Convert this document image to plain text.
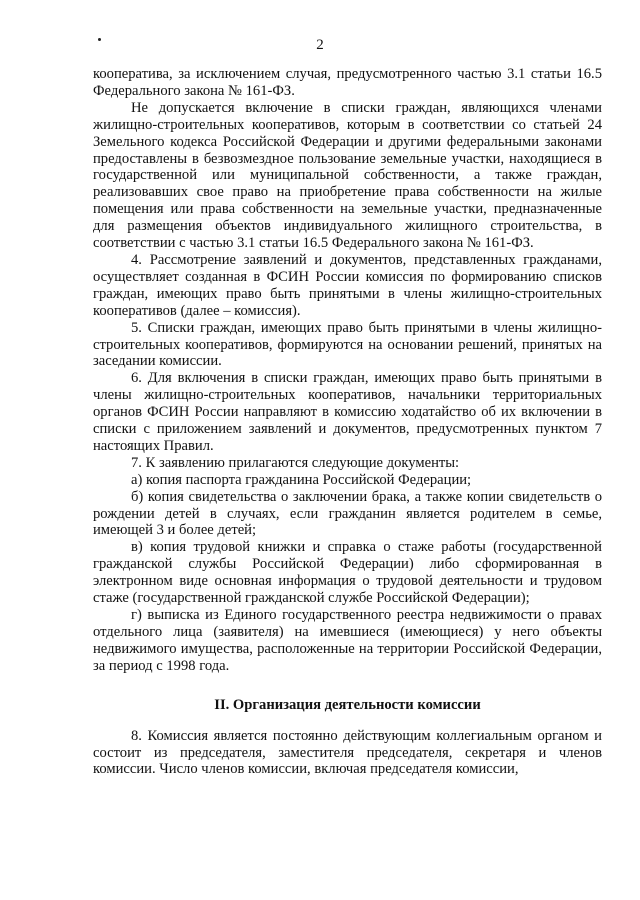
2

кооператива, за исключением случая, предусмотренного частью 3.1 статьи 16.5 Федерального закона № 161-ФЗ.

Не допускается включение в списки граждан, являющихся членами жилищно-строительных кооперативов, которым в соответствии со статьей 24 Земельного кодекса Российской Федерации и другими федеральными законами предоставлены в безвозмездное пользование земельные участки, находящиеся в государственной или муниципальной собственности, а также граждан, реализовавших свое право на приобретение права собственности на жилые помещения или права собственности на земельные участки, предназначенные для размещения объектов индивидуального жилищного строительства, в соответствии с частью 3.1 статьи 16.5 Федерального закона № 161-ФЗ.

4. Рассмотрение заявлений и документов, представленных гражданами, осуществляет созданная в ФСИН России комиссия по формированию списков граждан, имеющих право быть принятыми в члены жилищно-строительных кооперативов (далее – комиссия).

5. Списки граждан, имеющих право быть принятыми в члены жилищно-строительных кооперативов, формируются на основании решений, принятых на заседании комиссии.

6. Для включения в списки граждан, имеющих право быть принятыми в члены жилищно-строительных кооперативов, начальники территориальных органов ФСИН России направляют в комиссию ходатайство об их включении в списки с приложением заявлений и документов, предусмотренных пунктом 7 настоящих Правил.

7. К заявлению прилагаются следующие документы:

а) копия паспорта гражданина Российской Федерации;

б) копия свидетельства о заключении брака, а также копии свидетельств о рождении детей в случаях, если гражданин является родителем в семье, имеющей 3 и более детей;

в) копия трудовой книжки и справка о стаже работы (государственной гражданской службы Российской Федерации) либо сформированная в электронном виде основная информация о трудовой деятельности и трудовом стаже (государственной гражданской службе Российской Федерации);

г) выписка из Единого государственного реестра недвижимости о правах отдельного лица (заявителя) на имевшиеся (имеющиеся) у него объекты недвижимого имущества, расположенные на территории Российской Федерации, за период с 1998 года.

II. Организация деятельности комиссии

8. Комиссия является постоянно действующим коллегиальным органом и состоит из председателя, заместителя председателя, секретаря и членов комиссии. Число членов комиссии, включая председателя комиссии,
